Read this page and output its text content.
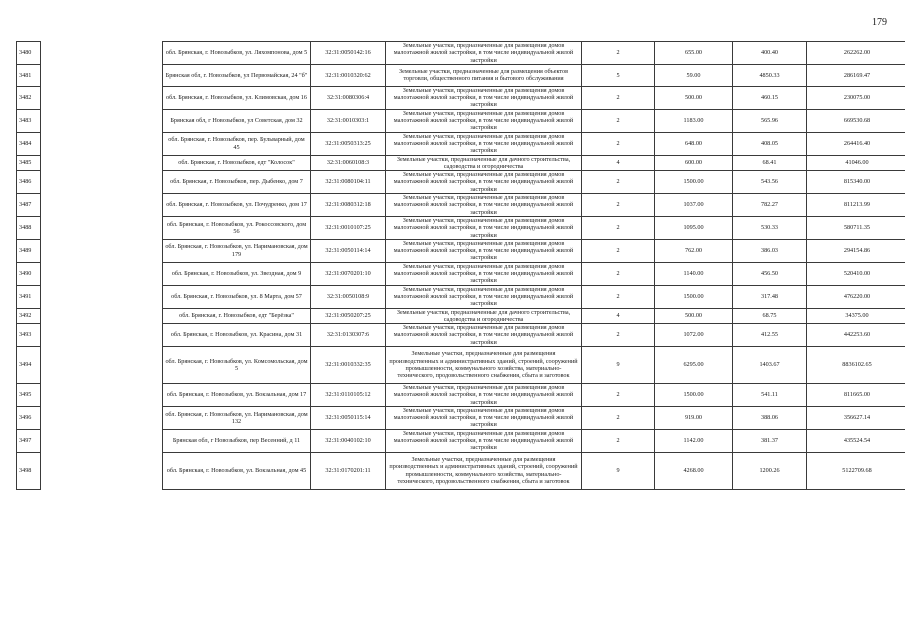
179
3480		обл. Брянская, г. Новозыбков, ул. Ляхомпонова, дом 5	32:31:0050142:16	Земельные участки, предназначенные для размещения домов малоэтажной жилой застройки, в том числе индивидуальной жилой застройки	2	655.00	400.40	262262.00
3481		Брянская обл, г. Новозыбков, ул Первомайская, 24 "б"	32:31:0010320:62	Земельные участки, предназначенные для размещения объектов торговли, общественного питания и бытового обслуживания	5	59.00	4850.33	286169.47
3482		обл. Брянская, г. Новозыбков, ул. Климовская, дом 16	32:31:0080306:4	Земельные участки, предназначенные для размещения домов малоэтажной жилой застройки, в том числе индивидуальной жилой застройки	2	500.00	460.15	230075.00
3483		Брянская обл, г Новозыбков, ул Советская, дом 32	32:31:0010303:1	Земельные участки, предназначенные для размещения домов малоэтажной жилой застройки, в том числе индивидуальной жилой застройки	2	1183.00	565.96	669530.68
3484		обл. Брянская, г. Новозыбков, пер. Бульварный, дом 45	32:31:0050313:25	Земельные участки, предназначенные для размещения домов малоэтажной жилой застройки, в том числе индивидуальной жилой застройки	2	648.00	408.05	264416.40
3485		обл. Брянская, г. Новозыбков, едт "Колосок"	32:31:0060108:3	Земельные участки, предназначенные для дачного строительства, садоводства и огородничества	4	600.00	68.41	41046.00
3486		обл. Брянская, г. Новозыбков, пер. Дыбенко, дом 7	32:31:0080104:11	Земельные участки, предназначенные для размещения домов малоэтажной жилой застройки, в том числе индивидуальной жилой застройки	2	1500.00	543.56	815340.00
3487		обл. Брянская, г. Новозыбков, ул. Почудренко, дом 17	32:31:0080312:18	Земельные участки, предназначенные для размещения домов малоэтажной жилой застройки, в том числе индивидуальной жилой застройки	2	1037.00	782.27	811213.99
3488		обл. Брянская, г. Новозыбков, ул. Рокоссовского, дом 56	32:31:0010107:25	Земельные участки, предназначенные для размещения домов малоэтажной жилой застройки, в том числе индивидуальной жилой застройки	2	1095.00	530.33	580711.35
3489		обл. Брянская, г. Новозыбков, ул. Наримановская, дом 179	32:31:0050114:14	Земельные участки, предназначенные для размещения домов малоэтажной жилой застройки, в том числе индивидуальной жилой застройки	2	762.00	386.03	294154.86
3490		обл. Брянская, г. Новозыбков, ул. Звездная, дом 9	32:31:0070201:10	Земельные участки, предназначенные для размещения домов малоэтажной жилой застройки, в том числе индивидуальной жилой застройки	2	1140.00	456.50	520410.00
3491		обл. Брянская, г. Новозыбков, ул. 8 Марта, дом 57	32:31:0050108:9	Земельные участки, предназначенные для размещения домов малоэтажной жилой застройки, в том числе индивидуальной жилой застройки	2	1500.00	317.48	476220.00
3492		обл. Брянская, г. Новозыбков, едт "Берёзка"	32:31:0050207:25	Земельные участки, предназначенные для дачного строительства, садоводства и огородничества	4	500.00	68.75	34375.00
3493		обл. Брянская, г. Новозыбков, ул. Красина, дом 31	32:31:0130307:6	Земельные участки, предназначенные для размещения домов малоэтажной жилой застройки, в том числе индивидуальной жилой застройки	2	1072.00	412.55	442253.60
3494		обл. Брянская, г. Новозыбков, ул. Комсомольская, дом 5	32:31:0010332:35	Земельные участки, предназначенные для размещения производственных и административных зданий, строений, сооружений промышленности, коммунального хозяйства, материально-технического, продовольственного снабжения, сбыта и заготовок	9	6295.00	1403.67	8836102.65
3495		обл. Брянская, г. Новозыбков, ул. Вокзальная, дом 17	32:31:0110105:12	Земельные участки, предназначенные для размещения домов малоэтажной жилой застройки, в том числе индивидуальной жилой застройки	2	1500.00	541.11	811665.00
3496		обл. Брянская, г. Новозыбков, ул. Наримановская, дом 132	32:31:0050115:14	Земельные участки, предназначенные для размещения домов малоэтажной жилой застройки, в том числе индивидуальной жилой застройки	2	919.00	388.06	356627.14
3497		Брянская обл, г Новозыбков, пер Весенний, д 11	32:31:0040102:10	Земельные участки, предназначенные для размещения домов малоэтажной жилой застройки, в том числе индивидуальной жилой застройки	2	1142.00	381.37	435524.54
3498		обл. Брянская, г. Новозыбков, ул. Вокзальная, дом 45	32:31:0170201:11	Земельные участки, предназначенные для размещения производственных и административных зданий, строений, сооружений промышленности, коммунального хозяйства, материально-технического, продовольственного снабжения, сбыта и заготовок	9	4268.00	1200.26	5122709.68
